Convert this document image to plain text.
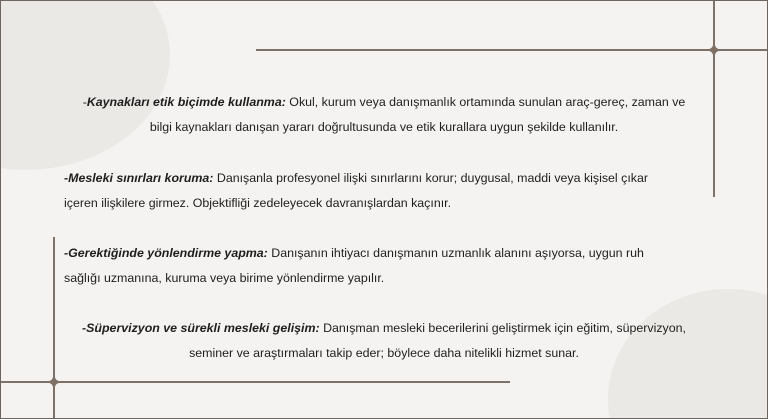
-Kaynakları etik biçimde kullanma: Okul, kurum veya danışmanlık ortamında sunulan araç-gereç, zaman ve
bilgi kaynakları danışan yararı doğrultusunda ve etik kurallara uygun şekilde kullanılır.
-Mesleki sınırları koruma: Danışanla profesyonel ilişki sınırlarını korur; duygusal, maddi veya kişisel çıkar
içeren ilişkilere girmez. Objektifliği zedeleyecek davranışlardan kaçınır.
-Gerektiğinde yönlendirme yapma: Danışanın ihtiyacı danışmanın uzmanlık alanını aşıyorsa, uygun ruh
sağlığı uzmanına, kuruma veya birime yönlendirme yapılır.
-Süpervizyon ve sürekli mesleki gelişim: Danışman mesleki becerilerini geliştirmek için eğitim, süpervizyon,
seminer ve araştırmaları takip eder; böylece daha nitelikli hizmet sunar.
